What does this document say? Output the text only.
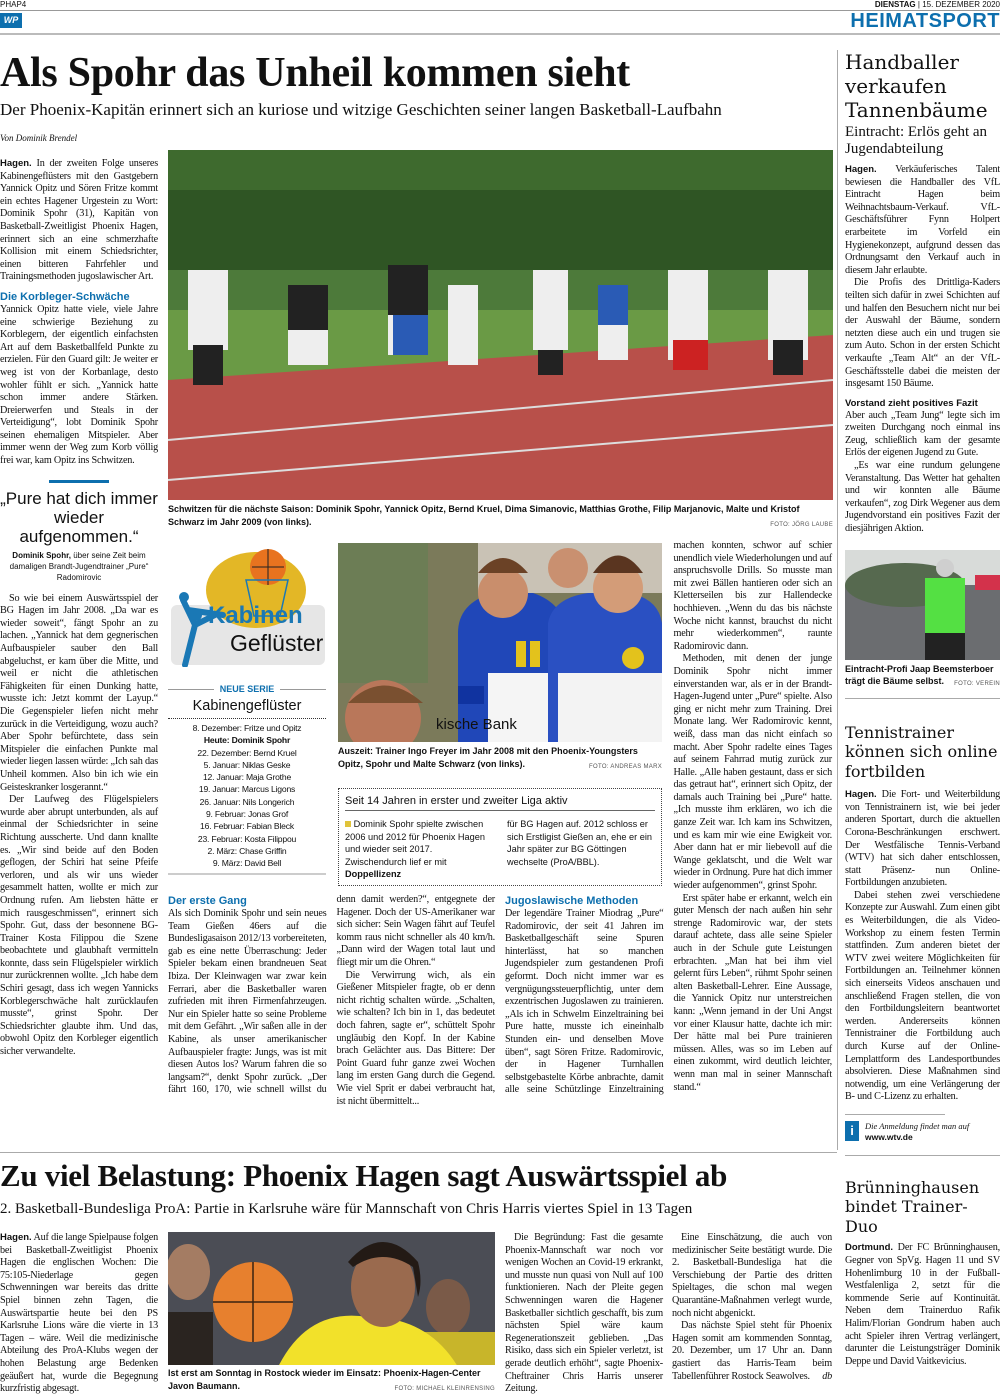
PHAP4	DIENSTAG | 15. DEZEMBER 2020
WP	HEIMATSPORT
Als Spohr das Unheil kommen sieht
Der Phoenix-Kapitän erinnert sich an kuriose und witzige Geschichten seiner langen Basketball-Laufbahn
Von Dominik Brendel

Hagen. In der zweiten Folge unseres Kabinengeflüsters mit den Gastgebern Yannick Opitz und Sören Fritze kommt ein echtes Hagener Urgestein zu Wort: Dominik Spohr (31), Kapitän von Basketball-Zweitligist Phoenix Hagen, erinnert sich an eine schmerzhafte Kollision mit einem Schiedsrichter, einen bitteren Fahrfehler und Trainingsmethoden jugoslawischer Art.

Die Korbleger-Schwäche

Yannick Opitz hatte viele, viele Jahre eine schwierige Beziehung zu Korblegern, der eigentlich einfachsten Art auf dem Basketballfeld Punkte zu erzielen. Für den Guard gilt: Je weiter er weg ist von der Korbanlage, desto wohler fühlt er sich. „Yannick hatte schon immer andere Stärken. Dreierwerfen und Steals in der Verteidigung“, lobt Dominik Spohr seinen ehemaligen Mitspieler. Aber immer wenn der Weg zum Korb völlig frei war, kam Opitz ins Schwitzen.

„Pure hat dich immer wieder aufgenommen.“
Dominik Spohr, über seine Zeit beim damaligen Brandt-Jugendtrainer „Pure“ Radomirovic

So wie bei einem Auswärtsspiel der BG Hagen im Jahr 2008. „Da war es wieder soweit“, fängt Spohr an zu lachen. „Yannick hat dem gegnerischen Aufbauspieler sauber den Ball abgeluchst, er kam über die Mitte, und weil er nicht die athletischen Fähigkeiten für einen Dunking hatte, wusste ich: Jetzt kommt der Layup.“ Die Gegenspieler liefen nicht mehr zurück in die Verteidigung, wozu auch? Aber Spohr befürchtete, dass sein Mitspieler die einfachen Punkte mal wieder liegen lassen würde: „Ich sah das Unheil kommen. Also bin ich wie ein Geisteskranker losgerannt.“

Der Laufweg des Flügelspielers wurde aber abrupt unterbunden, als auf einmal der Schiedsrichter in seine Richtung ausscherte. Und dann knallte es. „Wir sind beide auf den Boden geflogen, der Schiri hat seine Pfeife verloren, und als wir uns wieder gesammelt hatten, wollte er mich zur Ordnung rufen. Am liebsten hätte er mich rausgeschmissen“, erinnert sich Spohr. Gut, dass der besonnene BG-Trainer Kosta Filippou die Szene beobachtete und glaubhaft vermitteln konnte, dass sein Flügelspieler wirklich nur zurückrennen wollte. „Ich habe dem Schiri gesagt, dass ich wegen Yannicks Korblegerschwäche halt zurücklaufen musste“, grinst Spohr. Der Schiedsrichter glaubte ihm. Und das, obwohl Opitz den Korbleger eigentlich sicher verwandelte.

Schwitzen für die nächste Saison: Dominik Spohr, Yannick Opitz, Bernd Kruel, Dima Simanovic, Matthias Grothe, Filip Marjanovic, Malte und Kristof Schwarz im Jahr 2009 (von links).	FOTO: JÖRG LAUBE
Kabinen
Geflüster
NEUE SERIE
Kabinengeflüster
8. Dezember: Fritze und Opitz
Heute: Dominik Spohr
22. Dezember: Bernd Kruel
5. Januar: Niklas Geske
12. Januar: Maja Grothe
19. Januar: Marcus Ligons
26. Januar: Nils Longerich
9. Februar: Jonas Grof
16. Februar: Fabian Bleck
23. Februar: Kosta Filippou
2. März: Chase Griffin
9. März: David Bell
kische Bank
Auszeit: Trainer Ingo Freyer im Jahr 2008 mit den Phoenix-Youngsters Opitz, Spohr und Malte Schwarz (von links).	FOTO: ANDREAS MARX
Seit 14 Jahren in erster und zweiter Liga aktiv
Dominik Spohr spielte zwischen 2006 und 2012 für Phoenix Hagen und wieder seit 2017. Zwischendurch lief er mit Doppellizenz
für BG Hagen auf. 2012 schloss er sich Erstligist Gießen an, ehe er ein Jahr später zur BG Göttingen wechselte (ProA/BBL).
Der erste Gang

Als sich Dominik Spohr und sein neues Team Gießen 46ers auf die Bundesligasaison 2012/13 vorbereiteten, gab es eine nette Überraschung: Jeder Spieler bekam einen brandneuen Seat Ibiza. Der Kleinwagen war zwar kein Ferrari, aber die Basketballer waren zufrieden mit ihren Firmenfahrzeugen. Nur ein Spieler hatte so seine Probleme mit dem Gefährt. „Wir saßen alle in der Kabine, als unser amerikanischer Aufbauspieler fragte: Jungs, was ist mit diesen Autos los? Warum fahren die so langsam?“, denkt Spohr zurück. „Der fährt 160, 170, wie schnell willst du denn damit werden?“, entgegnete der Hagener. Doch der US-Amerikaner war sich sicher: Sein Wagen fährt auf Teufel komm raus nicht schneller als 40 km/h. „Dann wird der Wagen total laut und fliegt mir um die Ohren.“

Die Verwirrung wich, als ein Gießener Mitspieler fragte, ob er denn nicht richtig schalten würde. „Schalten, wie schalten? Ich bin in 1, das bedeutet doch fahren, sagte er“, schüttelt Spohr ungläubig den Kopf. In der Kabine brach Gelächter aus. Das Bittere: Der Point Guard fuhr ganze zwei Wochen lang im ersten Gang durch die Gegend. Wie viel Sprit er dabei verbraucht hat, ist nicht übermittelt...

Jugoslawische Methoden

Der legendäre Trainer Miodrag „Pure“ Radomirovic, der seit 41 Jahren im Basketballgeschäft seine Spuren hinterlässt, hat so manchen Jugendspieler zum gestandenen Profi geformt. Doch nicht immer war es vergnügungssteuerpflichtig, unter dem exzentrischen Jugoslawen zu trainieren. „Als ich in Schwelm Einzeltraining bei Pure hatte, musste ich eineinhalb Stunden ein- und denselben Move üben“, sagt Sören Fritze. Radomirovic, der in Hagener Turnhallen selbstgebastelte Körbe anbrachte, damit alle seine Schützlinge Einzeltraining machen konnten, schwor auf schier unendlich viele Wiederholungen und auf anspruchsvolle Drills. So musste man mit zwei Bällen hantieren oder sich an Kletterseilen bis zur Hallendecke hochhieven. „Wenn du das bis nächste Woche nicht kannst, brauchst du nicht mehr wiederkommen“, raunte Radomirovic dann.

Methoden, mit denen der junge Dominik Spohr nicht immer einverstanden war, als er in der Brandt-Hagen-Jugend unter „Pure“ spielte. Also ging er nicht mehr zum Training. Drei Monate lang. Wer Radomirovic kennt, weiß, dass man das nicht einfach so macht. Aber Spohr radelte eines Tages auf seinem Fahrrad mutig zurück zur Halle. „Alle haben gestaunt, dass er sich das getraut hat“, erinnert sich Opitz, der damals auch Training bei „Pure“ hatte. „Ich musste ihm erklären, wo ich die ganze Zeit war. Ich kam ins Schwitzen, und es kam mir wie eine Ewigkeit vor. Aber dann hat er mir liebevoll auf die Wange geklatscht, und die Welt war wieder in Ordnung. Pure hat dich immer wieder aufgenommen“, grinst Spohr.

Erst später habe er erkannt, welch ein guter Mensch der nach außen hin sehr strenge Radomirovic war, der stets darauf achtete, dass alle seine Spieler auch in der Schule gute Leistungen erbrachten. „Man hat bei ihm viel gelernt fürs Leben“, rühmt Spohr seinen alten Basketball-Lehrer. Eine Aussage, die Yannick Opitz nur unterstreichen kann: „Wenn jemand in der Uni Angst vor einer Klausur hatte, dachte ich mir: Der hätte mal bei Pure trainieren müssen. Alles, was so im Leben auf einen zukommt, wird deutlich leichter, wenn man mal in seiner Mannschaft stand.“

Handballer verkaufen Tannenbäume
Eintracht: Erlös geht an Jugendabteilung

Hagen. Verkäuferisches Talent bewiesen die Handballer des VfL Eintracht Hagen beim Weihnachtsbaum-Verkauf. VfL-Geschäftsführer Fynn Holpert erarbeitete im Vorfeld ein Hygienekonzept, aufgrund dessen das Ordnungsamt den Verkauf auch in diesem Jahr erlaubte.

Die Profis des Drittliga-Kaders teilten sich dafür in zwei Schichten auf und halfen den Besuchern nicht nur bei der Auswahl der Bäume, sondern netzten diese auch ein und trugen sie zum Auto. Schon in der ersten Schicht verkaufte „Team Alt“ an der VfL-Geschäftsstelle dabei die meisten der insgesamt 150 Bäume.

Vorstand zieht positives Fazit

Aber auch „Team Jung“ legte sich im zweiten Durchgang noch einmal ins Zeug, schließlich kam der gesamte Erlös der eigenen Jugend zu Gute.

„Es war eine rundum gelungene Veranstaltung. Das Wetter hat gehalten und wir konnten alle Bäume verkaufen“, zog Dirk Wegener aus dem Jugendvorstand ein positives Fazit der diesjährigen Aktion.

Eintracht-Profi Jaap Beemsterboer trägt die Bäume selbst. FOTO: VEREIN
Tennistrainer können sich online fortbilden

Hagen. Die Fort- und Weiterbildung von Tennistrainern ist, wie bei jeder anderen Sportart, durch die aktuellen Corona-Beschränkungen erschwert. Der Westfälische Tennis-Verband (WTV) hat sich daher entschlossen, statt Präsenz- nun Online-Fortbildungen anzubieten.

Dabei stehen zwei verschiedene Konzepte zur Auswahl. Zum einen gibt es Weiterbildungen, die als Video-Workshop zu einem festen Termin stattfinden. Zum anderen bietet der WTV zwei weitere Möglichkeiten für Fortbildungen an. Teilnehmer können sich einerseits Videos anschauen und anschließend Fragen stellen, die von den Fortbildungsleitern beantwortet werden. Andererseits können Tennistrainer die Fortbildung auch durch Kurse auf der Online-Lernplattform des Landesportbundes absolvieren. Diese Maßnahmen sind notwendig, um eine Verlängerung der B- und C-Lizenz zu erhalten.

i	Die Anmeldung findet man auf www.wtv.de
Brünninghausen bindet Trainer-Duo

Dortmund. Der FC Brünninghausen, Gegner von SpVg. Hagen 11 und SV Hohenlimburg 10 in der Fußball-Westfalenliga 2, setzt für die kommende Serie auf Kontinuität. Neben dem Trainerduo Rafik Halim/Florian Gondrum haben auch acht Spieler ihren Vertrag verlängert, darunter die Leistungsträger Dominik Deppe und David Vaitkevicius.

Zu viel Belastung: Phoenix Hagen sagt Auswärtsspiel ab
2. Basketball-Bundesliga ProA: Partie in Karlsruhe wäre für Mannschaft von Chris Harris viertes Spiel in 13 Tagen

Hagen. Auf die lange Spielpause folgen bei Basketball-Zweitligist Phoenix Hagen die englischen Wochen: Die 75:105-Niederlage gegen Schwenningen war bereits das dritte Spiel binnen zehn Tagen, die Auswärtspartie heute bei den PS Karlsruhe Lions wäre die vierte in 13 Tagen – wäre. Weil die medizinische Abteilung des ProA-Klubs wegen der hohen Belastung arge Bedenken geäußert hat, wurde die Begegnung kurzfristig abgesagt.

Ist erst am Sonntag in Rostock wieder im Einsatz: Phoenix-Hagen-Center Javon Baumann.	FOTO: MICHAEL KLEINRENSING

Die Begründung: Fast die gesamte Phoenix-Mannschaft war noch vor wenigen Wochen an Covid-19 erkrankt, und musste nun quasi von Null auf 100 funktionieren. Nach der Pleite gegen Schwenningen waren die Hagener Basketballer sichtlich geschafft, bis zum nächsten Spiel wäre kaum Regenerationszeit geblieben. „Das Risiko, dass sich ein Spieler verletzt, ist gerade deutlich erhöht“, sagte Phoenix-Cheftrainer Chris Harris unserer Zeitung.

Eine Einschätzung, die auch von medizinischer Seite bestätigt wurde. Die 2. Basketball-Bundesliga hat die Verschiebung der Partie des dritten Spieltages, die schon mal wegen Quarantäne-Maßnahmen verlegt wurde, noch nicht abgenickt.

Das nächste Spiel steht für Phoenix Hagen somit am kommenden Sonntag, 20. Dezember, um 17 Uhr an. Dann gastiert das Harris-Team beim Tabellenführer Rostock Seawolves.	db
